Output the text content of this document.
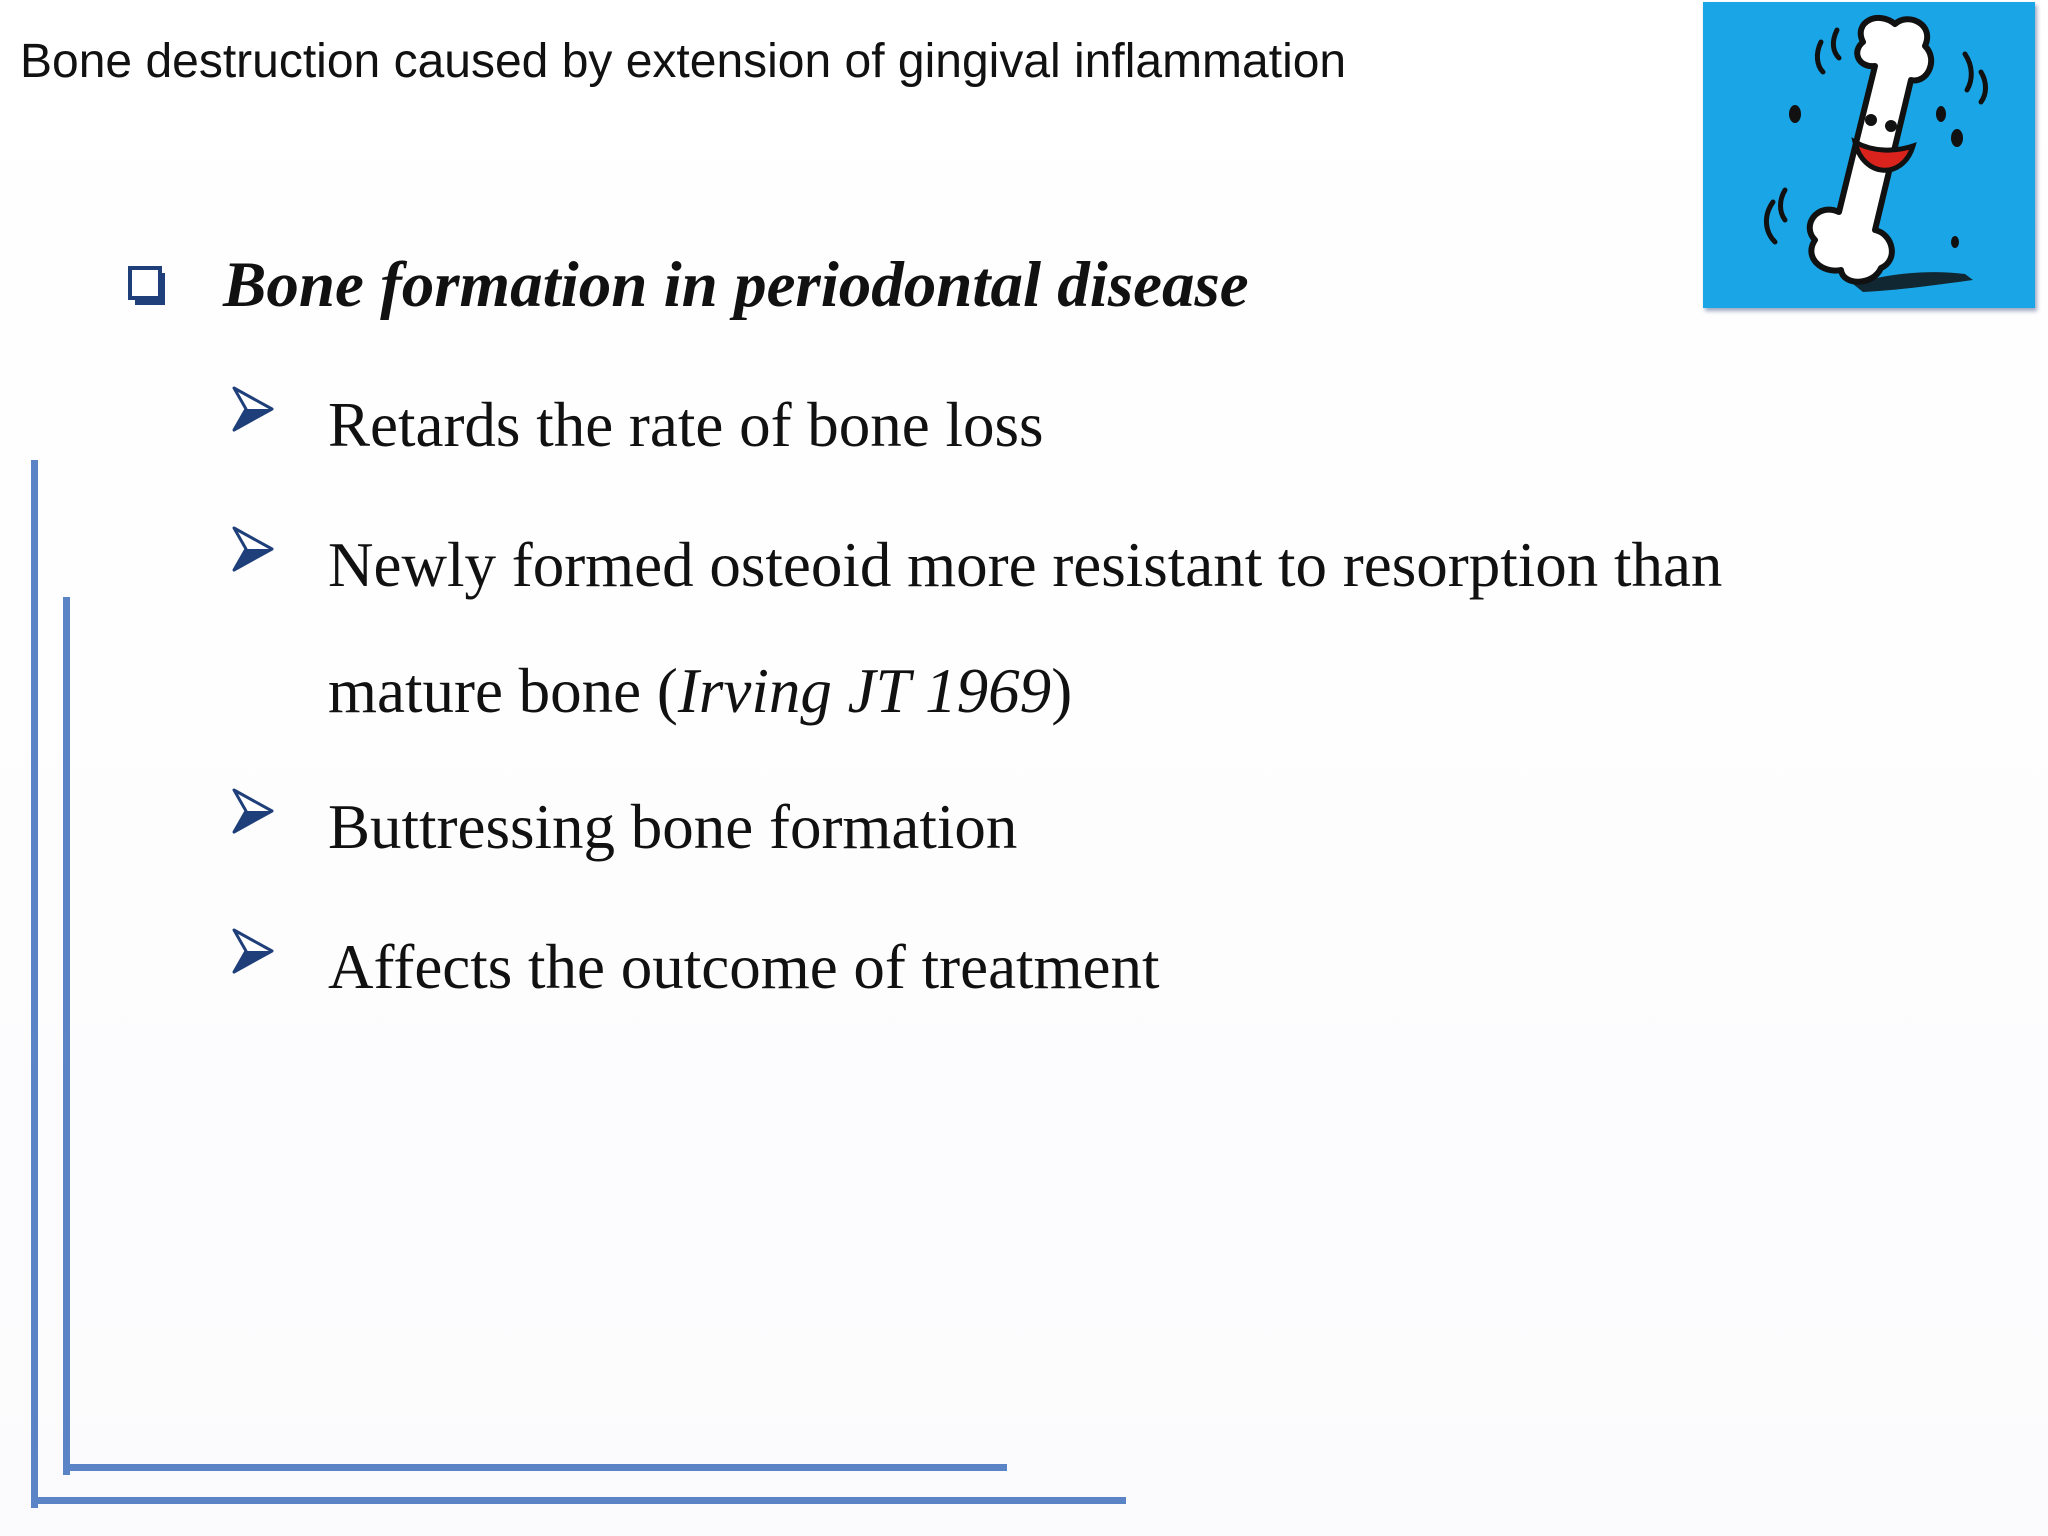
Bone destruction caused by extension of gingival inflammation
Bone formation in periodontal disease
Retards the rate of bone loss
Newly formed osteoid more resistant to resorption than
mature bone (Irving JT 1969)
Buttressing bone formation
Affects the outcome of treatment
